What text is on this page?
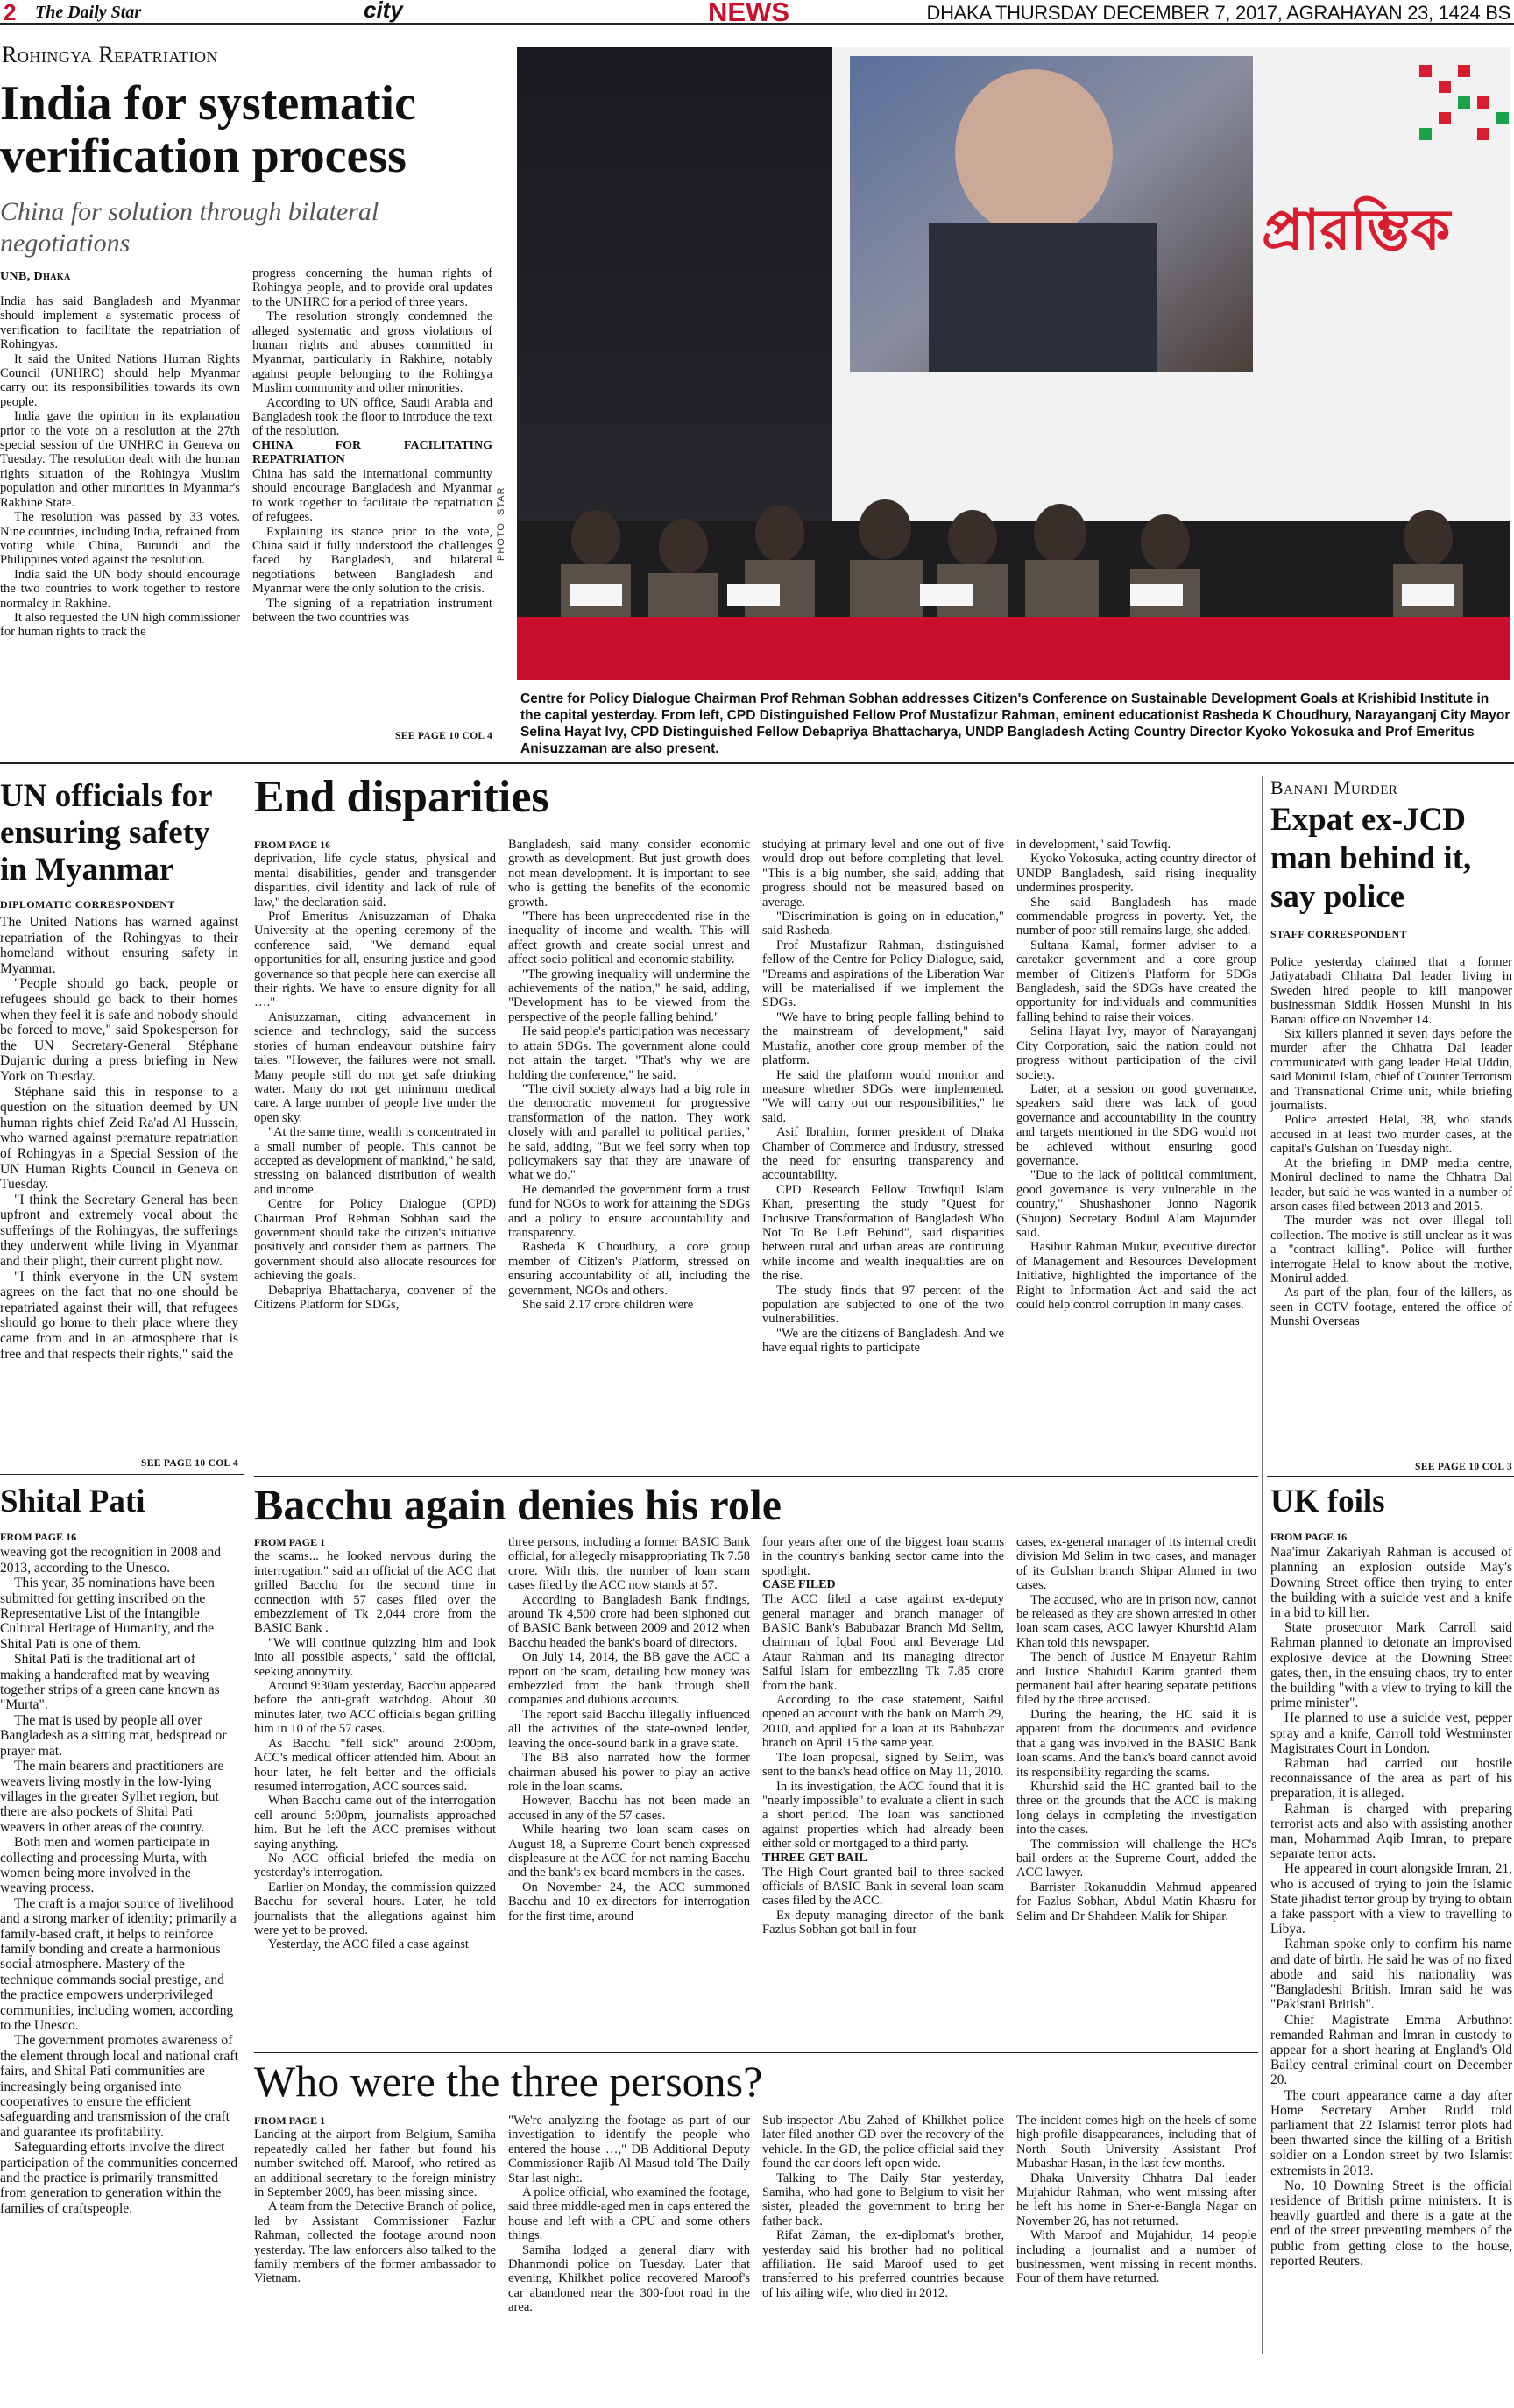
2 The Daily Star	city	NEWS	DHAKA THURSDAY DECEMBER 7, 2017, AGRAHAYAN 23, 1424 BS
Rohingya Repatriation
India for systematic
verification process
China for solution through bilateral negotiations
UNB, Dhaka

India has said Bangladesh and Myanmar should implement a systematic process of verification to facilitate the repatriation of Rohingyas.

It said the United Nations Human Rights Council (UNHRC) should help Myanmar carry out its responsibilities towards its own people.

India gave the opinion in its explanation prior to the vote on a resolution at the 27th special session of the UNHRC in Geneva on Tuesday. The resolution dealt with the human rights situation of the Rohingya Muslim population and other minorities in Myanmar's Rakhine State.

The resolution was passed by 33 votes. Nine countries, including India, refrained from voting while China, Burundi and the Philippines voted against the resolution.

India said the UN body should encourage the two countries to work together to restore normalcy in Rakhine.

It also requested the UN high commissioner for human rights to track the

progress concerning the human rights of Rohingya people, and to provide oral updates to the UNHRC for a period of three years.

The resolution strongly condemned the alleged systematic and gross violations of human rights and abuses committed in Myanmar, particularly in Rakhine, notably against people belonging to the Rohingya Muslim community and other minorities.

According to UN office, Saudi Arabia and Bangladesh took the floor to introduce the text of the resolution.

CHINA FOR FACILITATING REPATRIATION

China has said the international community should encourage Bangladesh and Myanmar to work together to facilitate the repatriation of refugees.

Explaining its stance prior to the vote, China said it fully understood the challenges faced by Bangladesh, and bilateral negotiations between Bangladesh and Myanmar were the only solution to the crisis.

The signing of a repatriation instrument between the two countries was

SEE PAGE 10 COL 4
প্রারম্ভিক
PHOTO: STAR
Centre for Policy Dialogue Chairman Prof Rehman Sobhan addresses Citizen's Conference on Sustainable Development Goals at Krishibid Institute in the capital yesterday. From left, CPD Distinguished Fellow Prof Mustafizur Rahman, eminent educationist Rasheda K Choudhury, Narayanganj City Mayor Selina Hayat Ivy, CPD Distinguished Fellow Debapriya Bhattacharya, UNDP Bangladesh Acting Country Director Kyoko Yokosuka and Prof Emeritus Anisuzzaman are also present.
UN officials for ensuring safety in Myanmar
DIPLOMATIC CORRESPONDENT

The United Nations has warned against repatriation of the Rohingyas to their homeland without ensuring safety in Myanmar.

"People should go back, people or refugees should go back to their homes when they feel it is safe and nobody should be forced to move," said Spokesperson for the UN Secretary-General Stéphane Dujarric during a press briefing in New York on Tuesday.

Stéphane said this in response to a question on the situation deemed by UN human rights chief Zeid Ra'ad Al Hussein, who warned against premature repatriation of Rohingyas in a Special Session of the UN Human Rights Council in Geneva on Tuesday.

"I think the Secretary General has been upfront and extremely vocal about the sufferings of the Rohingyas, the sufferings they underwent while living in Myanmar and their plight, their current plight now.

"I think everyone in the UN system agrees on the fact that no-one should be repatriated against their will, that refugees should go home to their place where they came from and in an atmosphere that is free and that respects their rights," said the

SEE PAGE 10 COL 4
End disparities

FROM PAGE 16

deprivation, life cycle status, physical and mental disabilities, gender and transgender disparities, civil identity and lack of rule of law," the declaration said.

Prof Emeritus Anisuzzaman of Dhaka University at the opening ceremony of the conference said, "We demand equal opportunities for all, ensuring justice and good governance so that people here can exercise all their rights. We have to ensure dignity for all …."

Anisuzzaman, citing advancement in science and technology, said the success stories of human endeavour outshine fairy tales. "However, the failures were not small. Many people still do not get safe drinking water. Many do not get minimum medical care. A large number of people live under the open sky.

"At the same time, wealth is concentrated in a small number of people. This cannot be accepted as development of mankind," he said, stressing on balanced distribution of wealth and income.

Centre for Policy Dialogue (CPD) Chairman Prof Rehman Sobhan said the government should take the citizen's initiative positively and consider them as partners. The government should also allocate resources for achieving the goals.

Debapriya Bhattacharya, convener of the Citizens Platform for SDGs,

Bangladesh, said many consider economic growth as development. But just growth does not mean development. It is important to see who is getting the benefits of the economic growth.

"There has been unprecedented rise in the inequality of income and wealth. This will affect growth and create social unrest and affect socio-political and economic stability.

"The growing inequality will undermine the achievements of the nation," he said, adding, "Development has to be viewed from the perspective of the people falling behind."

He said people's participation was necessary to attain SDGs. The government alone could not attain the target. "That's why we are holding the conference," he said.

"The civil society always had a big role in the democratic movement for progressive transformation of the nation. They work closely with and parallel to political parties," he said, adding, "But we feel sorry when top policymakers say that they are unaware of what we do."

He demanded the government form a trust fund for NGOs to work for attaining the SDGs and a policy to ensure accountability and transparency.

Rasheda K Choudhury, a core group member of Citizen's Platform, stressed on ensuring accountability of all, including the government, NGOs and others.

She said 2.17 crore children were

studying at primary level and one out of five would drop out before completing that level. "This is a big number, she said, adding that progress should not be measured based on average.

"Discrimination is going on in education," said Rasheda.

Prof Mustafizur Rahman, distinguished fellow of the Centre for Policy Dialogue, said, "Dreams and aspirations of the Liberation War will be materialised if we implement the SDGs.

"We have to bring people falling behind to the mainstream of development," said Mustafiz, another core group member of the platform.

He said the platform would monitor and measure whether SDGs were implemented. "We will carry out our responsibilities," he said.

Asif Ibrahim, former president of Dhaka Chamber of Commerce and Industry, stressed the need for ensuring transparency and accountability.

CPD Research Fellow Towfiqul Islam Khan, presenting the study "Quest for Inclusive Transformation of Bangladesh Who Not To Be Left Behind", said disparities between rural and urban areas are continuing while income and wealth inequalities are on the rise.

The study finds that 97 percent of the population are subjected to one of the two vulnerabilities.

"We are the citizens of Bangladesh. And we have equal rights to participate

in development," said Towfiq.

Kyoko Yokosuka, acting country director of UNDP Bangladesh, said rising inequality undermines prosperity.

She said Bangladesh has made commendable progress in poverty. Yet, the number of poor still remains large, she added.

Sultana Kamal, former adviser to a caretaker government and a core group member of Citizen's Platform for SDGs Bangladesh, said the SDGs have created the opportunity for individuals and communities falling behind to raise their voices.

Selina Hayat Ivy, mayor of Narayanganj City Corporation, said the nation could not progress without participation of the civil society.

Later, at a session on good governance, speakers said there was lack of good governance and accountability in the country and targets mentioned in the SDG would not be achieved without ensuring good governance.

"Due to the lack of political commitment, good governance is very vulnerable in the country," Shushashoner Jonno Nagorik (Shujon) Secretary Bodiul Alam Majumder said.

Hasibur Rahman Mukur, executive director of Management and Resources Development Initiative, highlighted the importance of the Right to Information Act and said the act could help control corruption in many cases.

Banani Murder
Expat ex-JCD man behind it, say police
STAFF CORRESPONDENT

Police yesterday claimed that a former Jatiyatabadi Chhatra Dal leader living in Sweden hired people to kill manpower businessman Siddik Hossen Munshi in his Banani office on November 14.

Six killers planned it seven days before the murder after the Chhatra Dal leader communicated with gang leader Helal Uddin, said Monirul Islam, chief of Counter Terrorism and Transnational Crime unit, while briefing journalists.

Police arrested Helal, 38, who stands accused in at least two murder cases, at the capital's Gulshan on Tuesday night.

At the briefing in DMP media centre, Monirul declined to name the Chhatra Dal leader, but said he was wanted in a number of arson cases filed between 2013 and 2015.

The murder was not over illegal toll collection. The motive is still unclear as it was a "contract killing". Police will further interrogate Helal to know about the motive, Monirul added.

As part of the plan, four of the killers, as seen in CCTV footage, entered the office of Munshi Overseas

SEE PAGE 10 COL 3
Shital Pati

FROM PAGE 16

weaving got the recognition in 2008 and 2013, according to the Unesco.

This year, 35 nominations have been submitted for getting inscribed on the Representative List of the Intangible Cultural Heritage of Humanity, and the Shital Pati is one of them.

Shital Pati is the traditional art of making a handcrafted mat by weaving together strips of a green cane known as "Murta".

The mat is used by people all over Bangladesh as a sitting mat, bedspread or prayer mat.

The main bearers and practitioners are weavers living mostly in the low-lying villages in the greater Sylhet region, but there are also pockets of Shital Pati weavers in other areas of the country.

Both men and women participate in collecting and processing Murta, with women being more involved in the weaving process.

The craft is a major source of livelihood and a strong marker of identity; primarily a family-based craft, it helps to reinforce family bonding and create a harmonious social atmosphere. Mastery of the technique commands social prestige, and the practice empowers underprivileged communities, including women, according to the Unesco.

The government promotes awareness of the element through local and national craft fairs, and Shital Pati communities are increasingly being organised into cooperatives to ensure the efficient safeguarding and transmission of the craft and guarantee its profitability.

Safeguarding efforts involve the direct participation of the communities concerned and the practice is primarily transmitted from generation to generation within the families of craftspeople.

Bacchu again denies his role

FROM PAGE 1

the scams... he looked nervous during the interrogation," said an official of the ACC that grilled Bacchu for the second time in connection with 57 cases filed over the embezzlement of Tk 2,044 crore from the BASIC Bank .

"We will continue quizzing him and look into all possible aspects," said the official, seeking anonymity.

Around 9:30am yesterday, Bacchu appeared before the anti-graft watchdog. About 30 minutes later, two ACC officials began grilling him in 10 of the 57 cases.

As Bacchu "fell sick" around 2:00pm, ACC's medical officer attended him. About an hour later, he felt better and the officials resumed interrogation, ACC sources said.

When Bacchu came out of the interrogation cell around 5:00pm, journalists approached him. But he left the ACC premises without saying anything.

No ACC official briefed the media on yesterday's interrogation.

Earlier on Monday, the commission quizzed Bacchu for several hours. Later, he told journalists that the allegations against him were yet to be proved.

Yesterday, the ACC filed a case against

three persons, including a former BASIC Bank official, for allegedly misappropriating Tk 7.58 crore. With this, the number of loan scam cases filed by the ACC now stands at 57.

According to Bangladesh Bank findings, around Tk 4,500 crore had been siphoned out of BASIC Bank between 2009 and 2012 when Bacchu headed the bank's board of directors.

On July 14, 2014, the BB gave the ACC a report on the scam, detailing how money was embezzled from the bank through shell companies and dubious accounts.

The report said Bacchu illegally influenced all the activities of the state-owned lender, leaving the once-sound bank in a grave state.

The BB also narrated how the former chairman abused his power to play an active role in the loan scams.

However, Bacchu has not been made an accused in any of the 57 cases.

While hearing two loan scam cases on August 18, a Supreme Court bench expressed displeasure at the ACC for not naming Bacchu and the bank's ex-board members in the cases.

On November 24, the ACC summoned Bacchu and 10 ex-directors for interrogation for the first time, around

four years after one of the biggest loan scams in the country's banking sector came into the spotlight.

CASE FILED

The ACC filed a case against ex-deputy general manager and branch manager of BASIC Bank's Babubazar Branch Md Selim, chairman of Iqbal Food and Beverage Ltd Ataur Rahman and its managing director Saiful Islam for embezzling Tk 7.85 crore from the bank.

According to the case statement, Saiful opened an account with the bank on March 29, 2010, and applied for a loan at its Babubazar branch on April 15 the same year.

The loan proposal, signed by Selim, was sent to the bank's head office on May 11, 2010.

In its investigation, the ACC found that it is "nearly impossible" to evaluate a client in such a short period. The loan was sanctioned against properties which had already been either sold or mortgaged to a third party.

THREE GET BAIL

The High Court granted bail to three sacked officials of BASIC Bank in several loan scam cases filed by the ACC.

Ex-deputy managing director of the bank Fazlus Sobhan got bail in four

cases, ex-general manager of its internal credit division Md Selim in two cases, and manager of its Gulshan branch Shipar Ahmed in two cases.

The accused, who are in prison now, cannot be released as they are shown arrested in other loan scam cases, ACC lawyer Khurshid Alam Khan told this newspaper.

The bench of Justice M Enayetur Rahim and Justice Shahidul Karim granted them permanent bail after hearing separate petitions filed by the three accused.

During the hearing, the HC said it is apparent from the documents and evidence that a gang was involved in the BASIC Bank loan scams. And the bank's board cannot avoid its responsibility regarding the scams.

Khurshid said the HC granted bail to the three on the grounds that the ACC is making long delays in completing the investigation into the cases.

The commission will challenge the HC's bail orders at the Supreme Court, added the ACC lawyer.

Barrister Rokanuddin Mahmud appeared for Fazlus Sobhan, Abdul Matin Khasru for Selim and Dr Shahdeen Malik for Shipar.

Who were the three persons?

FROM PAGE 1

Landing at the airport from Belgium, Samiha repeatedly called her father but found his number switched off. Maroof, who retired as an additional secretary to the foreign ministry in September 2009, has been missing since.

A team from the Detective Branch of police, led by Assistant Commissioner Fazlur Rahman, collected the footage around noon yesterday. The law enforcers also talked to the family members of the former ambassador to Vietnam.

"We're analyzing the footage as part of our investigation to identify the people who entered the house …," DB Additional Deputy Commissioner Rajib Al Masud told The Daily Star last night.

A police official, who examined the footage, said three middle-aged men in caps entered the house and left with a CPU and some others things.

Samiha lodged a general diary with Dhanmondi police on Tuesday. Later that evening, Khilkhet police recovered Maroof's car abandoned near the 300-foot road in the area.

Sub-inspector Abu Zahed of Khilkhet police later filed another GD over the recovery of the vehicle. In the GD, the police official said they found the car doors left open wide.

Talking to The Daily Star yesterday, Samiha, who had gone to Belgium to visit her sister, pleaded the government to bring her father back.

Rifat Zaman, the ex-diplomat's brother, yesterday said his brother had no political affiliation. He said Maroof used to get transferred to his preferred countries because of his ailing wife, who died in 2012.

The incident comes high on the heels of some high-profile disappearances, including that of North South University Assistant Prof Mubashar Hasan, in the last few months.

Dhaka University Chhatra Dal leader Mujahidur Rahman, who went missing after he left his home in Sher-e-Bangla Nagar on November 26, has not returned.

With Maroof and Mujahidur, 14 people including a journalist and a number of businessmen, went missing in recent months. Four of them have returned.

UK foils

FROM PAGE 16

Naa'imur Zakariyah Rahman is accused of planning an explosion outside May's Downing Street office then trying to enter the building with a suicide vest and a knife in a bid to kill her.

State prosecutor Mark Carroll said Rahman planned to detonate an improvised explosive device at the Downing Street gates, then, in the ensuing chaos, try to enter the building "with a view to trying to kill the prime minister".

He planned to use a suicide vest, pepper spray and a knife, Carroll told Westminster Magistrates Court in London.

Rahman had carried out hostile reconnaissance of the area as part of his preparation, it is alleged.

Rahman is charged with preparing terrorist acts and also with assisting another man, Mohammad Aqib Imran, to prepare separate terror acts.

He appeared in court alongside Imran, 21, who is accused of trying to join the Islamic State jihadist terror group by trying to obtain a fake passport with a view to travelling to Libya.

Rahman spoke only to confirm his name and date of birth. He said he was of no fixed abode and said his nationality was "Bangladeshi British. Imran said he was "Pakistani British".

Chief Magistrate Emma Arbuthnot remanded Rahman and Imran in custody to appear for a short hearing at England's Old Bailey central criminal court on December 20.

The court appearance came a day after Home Secretary Amber Rudd told parliament that 22 Islamist terror plots had been thwarted since the killing of a British soldier on a London street by two Islamist extremists in 2013.

No. 10 Downing Street is the official residence of British prime ministers. It is heavily guarded and there is a gate at the end of the street preventing members of the public from getting close to the house, reported Reuters.
